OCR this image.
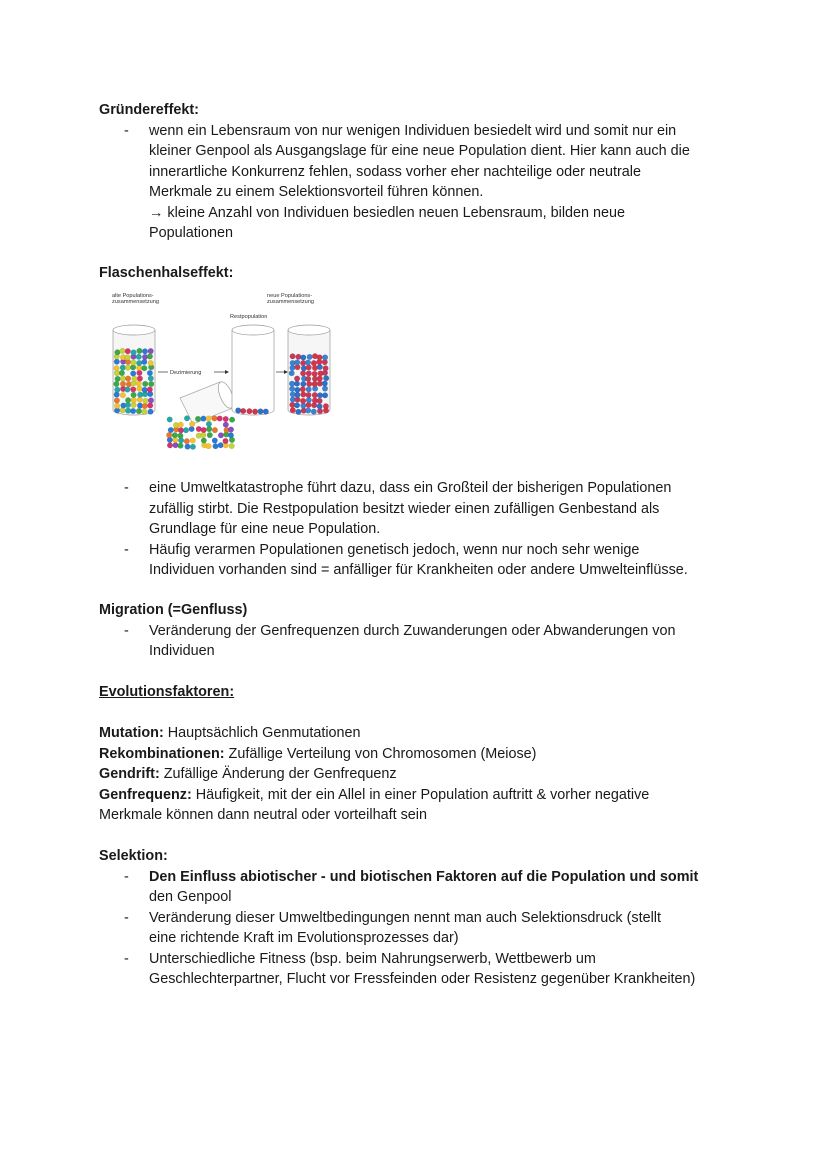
Gründereffekt:

- wenn ein Lebensraum von nur wenigen Individuen besiedelt wird und somit nur ein
kleiner Genpool als Ausgangslage für eine neue Population dient. Hier kann auch die
innerartliche Konkurrenz fehlen, sodass vorher eher nachteilige oder neutrale
Merkmale zu einem Selektionsvorteil führen können.
→ kleine Anzahl von Individuen besiedlen neuen Lebensraum, bilden neue
Populationen

Flaschenhalseffekt:

alte Populations-
zusammensetzung
neue Populations-
zusammensetzung
Restpopulation
Dezimierung
- eine Umweltkatastrophe führt dazu, dass ein Großteil der bisherigen Populationen
zufällig stirbt. Die Restpopulation besitzt wieder einen zufälligen Genbestand als
Grundlage für eine neue Population.
- Häufig verarmen Populationen genetisch jedoch, wenn nur noch sehr wenige
Individuen vorhanden sind = anfälliger für Krankheiten oder andere Umwelteinflüsse.

Migration (=Genfluss)

- Veränderung der Genfrequenzen durch Zuwanderungen oder Abwanderungen von
Individuen

Evolutionsfaktoren:

Mutation: Hauptsächlich Genmutationen
Rekombinationen: Zufällige Verteilung von Chromosomen (Meiose)
Gendrift: Zufällige Änderung der Genfrequenz
Genfrequenz: Häufigkeit, mit der ein Allel in einer Population auftritt & vorher negative
Merkmale können dann neutral oder vorteilhaft sein

Selektion:

- Den Einfluss abiotischer - und biotischen Faktoren auf die Population und somit
den Genpool
- Veränderung dieser Umweltbedingungen nennt man auch Selektionsdruck (stellt
eine richtende Kraft im Evolutionsprozesses dar)
- Unterschiedliche Fitness (bsp. beim Nahrungserwerb, Wettbewerb um
Geschlechterpartner, Flucht vor Fressfeinden oder Resistenz gegenüber Krankheiten)
